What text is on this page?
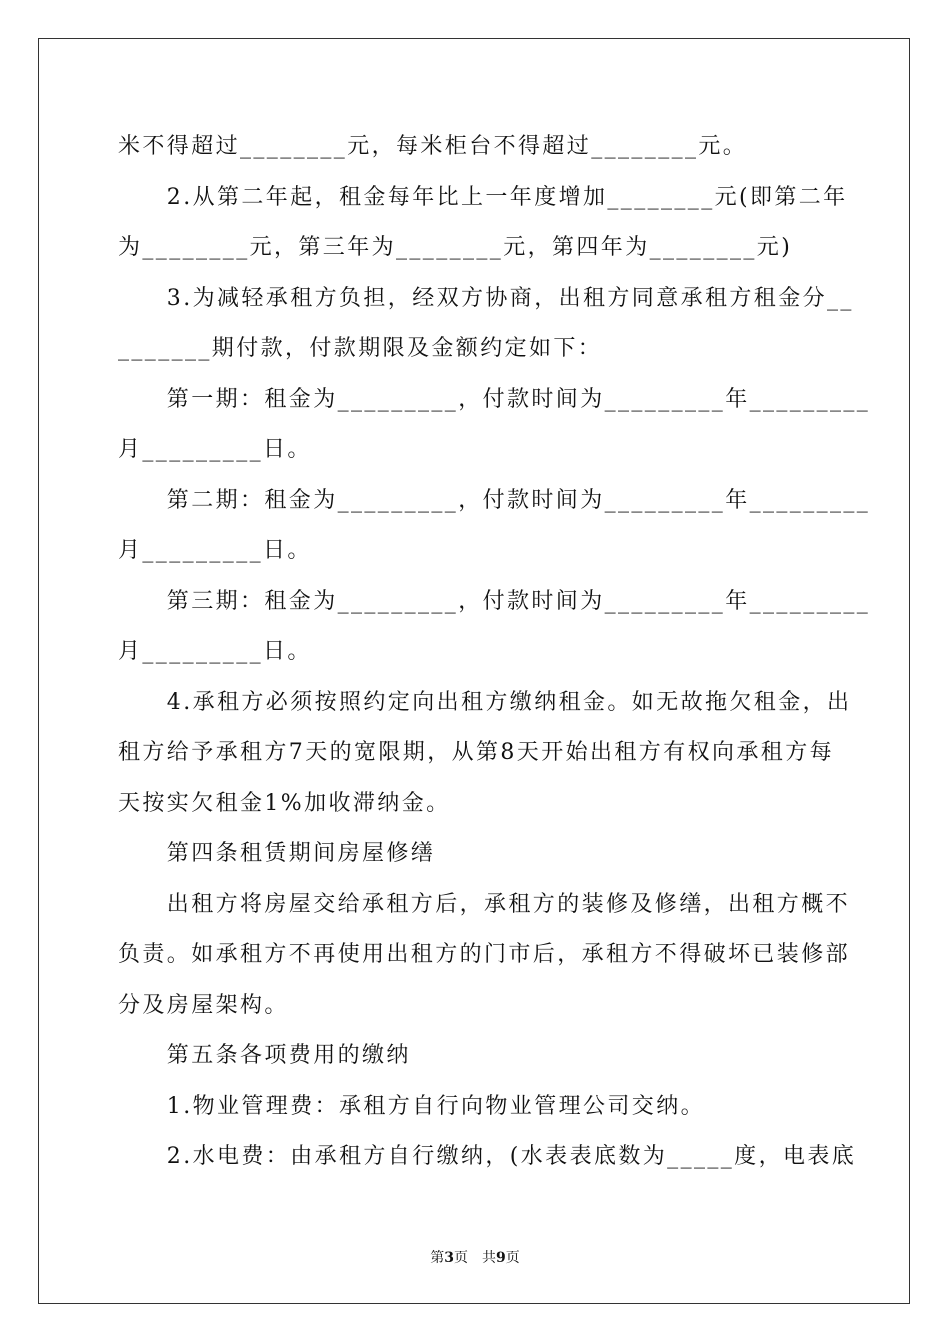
米不得超过________元，每米柜台不得超过________元。

　　2.从第二年起，租金每年比上一年度增加________元(即第二年

为________元，第三年为________元，第四年为________元)

　　3.为减轻承租方负担，经双方协商，出租方同意承租方租金分__

_______期付款，付款期限及金额约定如下：

　　第一期：租金为_________，付款时间为_________年_________

月_________日。

　　第二期：租金为_________，付款时间为_________年_________

月_________日。

　　第三期：租金为_________，付款时间为_________年_________

月_________日。

　　4.承租方必须按照约定向出租方缴纳租金。如无故拖欠租金，出

租方给予承租方7天的宽限期，从第8天开始出租方有权向承租方每

天按实欠租金1%加收滞纳金。

　　第四条租赁期间房屋修缮

　　出租方将房屋交给承租方后，承租方的装修及修缮，出租方概不

负责。如承租方不再使用出租方的门市后，承租方不得破坏已装修部

分及房屋架构。

　　第五条各项费用的缴纳

　　1.物业管理费：承租方自行向物业管理公司交纳。

　　2.水电费：由承租方自行缴纳，(水表表底数为_____度，电表底

第3页　共9页
